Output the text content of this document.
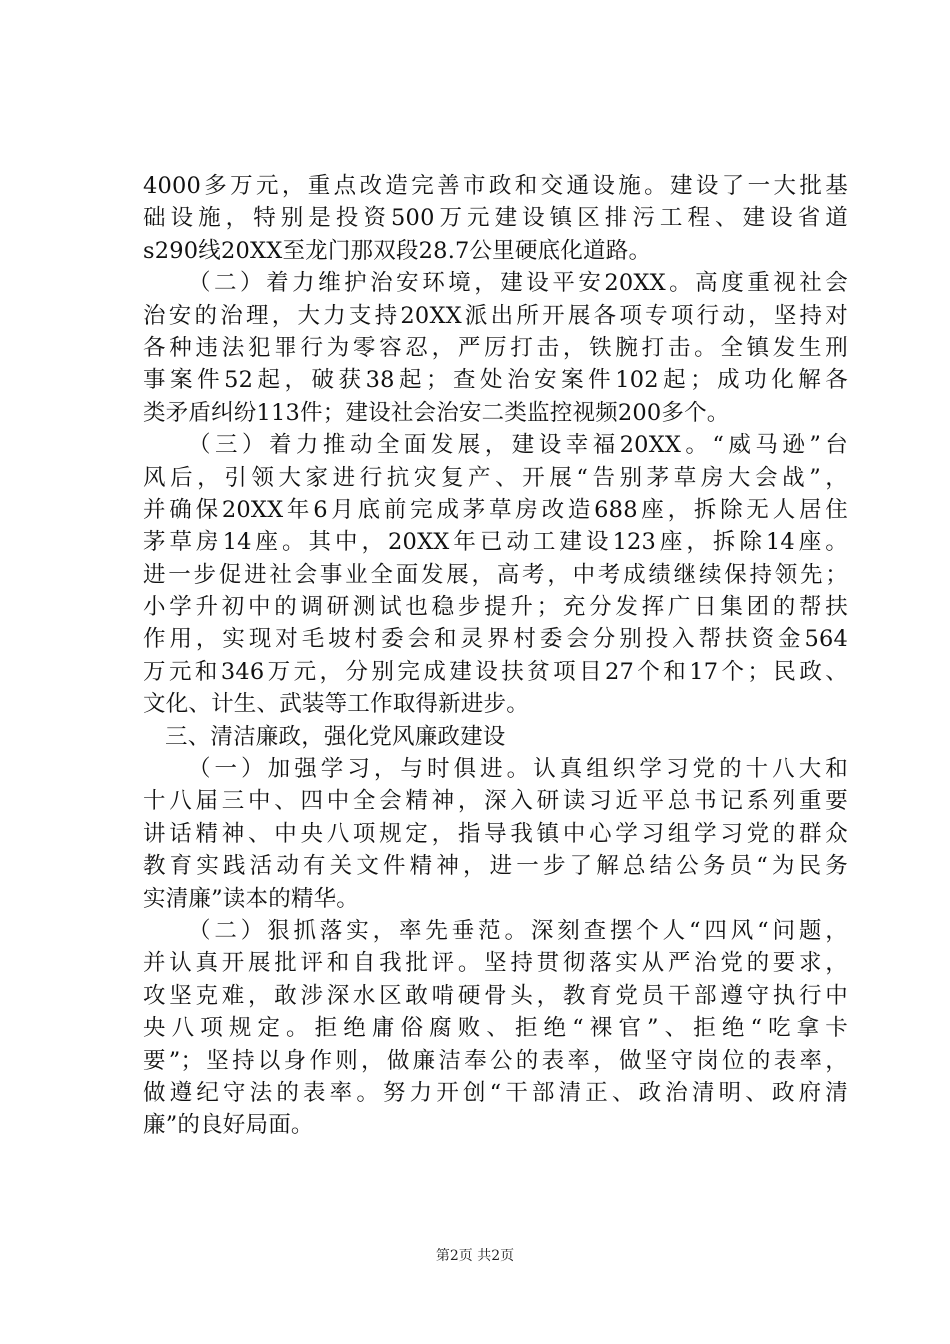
4000多万元，重点改造完善市政和交通设施。建设了一大批基
础设施，特别是投资500万元建设镇区排污工程、建设省道
s290线20XX至龙门那双段28.7公里硬底化道路。
（二）着力维护治安环境，建设平安20XX。高度重视社会
治安的治理，大力支持20XX派出所开展各项专项行动，坚持对
各种违法犯罪行为零容忍，严厉打击，铁腕打击。全镇发生刑
事案件52起，破获38起；查处治安案件102起；成功化解各
类矛盾纠纷113件；建设社会治安二类监控视频200多个。
（三）着力推动全面发展，建设幸福20XX。“威马逊”台
风后，引领大家进行抗灾复产、开展“告别茅草房大会战”，
并确保20XX年6月底前完成茅草房改造688座，拆除无人居住
茅草房14座。其中，20XX年已动工建设123座，拆除14座。
进一步促进社会事业全面发展，高考，中考成绩继续保持领先；
小学升初中的调研测试也稳步提升；充分发挥广日集团的帮扶
作用，实现对毛坡村委会和灵界村委会分别投入帮扶资金564
万元和346万元，分别完成建设扶贫项目27个和17个；民政、
文化、计生、武装等工作取得新进步。
三、清洁廉政，强化党风廉政建设
（一）加强学习，与时俱进。认真组织学习党的十八大和
十八届三中、四中全会精神，深入研读习近平总书记系列重要
讲话精神、中央八项规定，指导我镇中心学习组学习党的群众
教育实践活动有关文件精神，进一步了解总结公务员“为民务
实清廉”读本的精华。
（二）狠抓落实，率先垂范。深刻查摆个人“四风“问题，
并认真开展批评和自我批评。坚持贯彻落实从严治党的要求，
攻坚克难，敢涉深水区敢啃硬骨头，教育党员干部遵守执行中
央八项规定。拒绝庸俗腐败、拒绝“裸官”、拒绝“吃拿卡
要”；坚持以身作则，做廉洁奉公的表率，做坚守岗位的表率，
做遵纪守法的表率。努力开创“干部清正、政治清明、政府清
廉”的良好局面。
第2页 共2页
